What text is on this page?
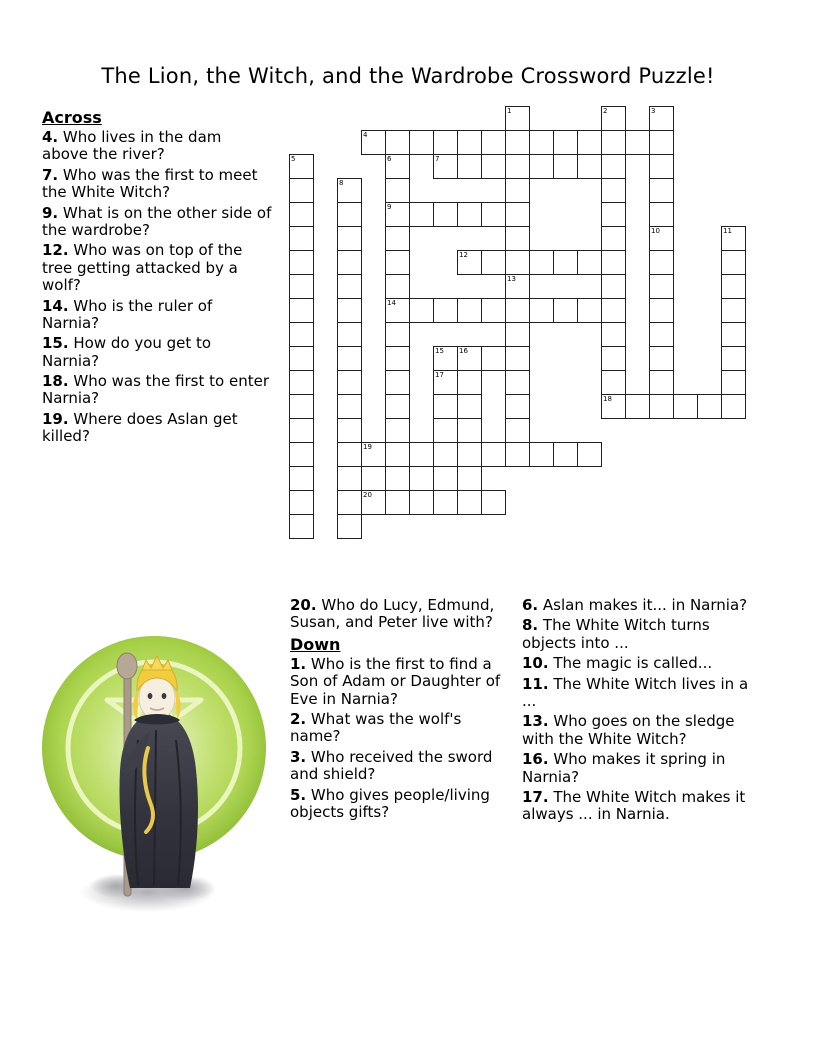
The Lion, the Witch, and the Wardrobe Crossword Puzzle!
Across

4. Who lives in the dam above the river?

7. Who was the first to meet the White Witch?

9. What is on the other side of the wardrobe?

12. Who was on top of the tree getting attacked by a wolf?

14. Who is the ruler of Narnia?

15. How do you get to Narnia?

18. Who was the first to enter Narnia?

19. Where does Aslan get killed?

20. Who do Lucy, Edmund, Susan, and Peter live with?

Down

1. Who is the first to find a Son of Adam or Daughter of Eve in Narnia?

2. What was the wolf's name?

3. Who received the sword and shield?

5. Who gives people/living objects gifts?

6. Aslan makes it... in Narnia?

8. The White Witch turns objects into ...

10. The magic is called...

11. The White Witch lives in a ...

13. Who goes on the sledge with the White Witch?

16. Who makes it spring in Narnia?

17. The White Witch makes it always ... in Narnia.

1	2	3
4
5	6	7
8
9
10	11
12
13
14
15 16
17
18
19
20
